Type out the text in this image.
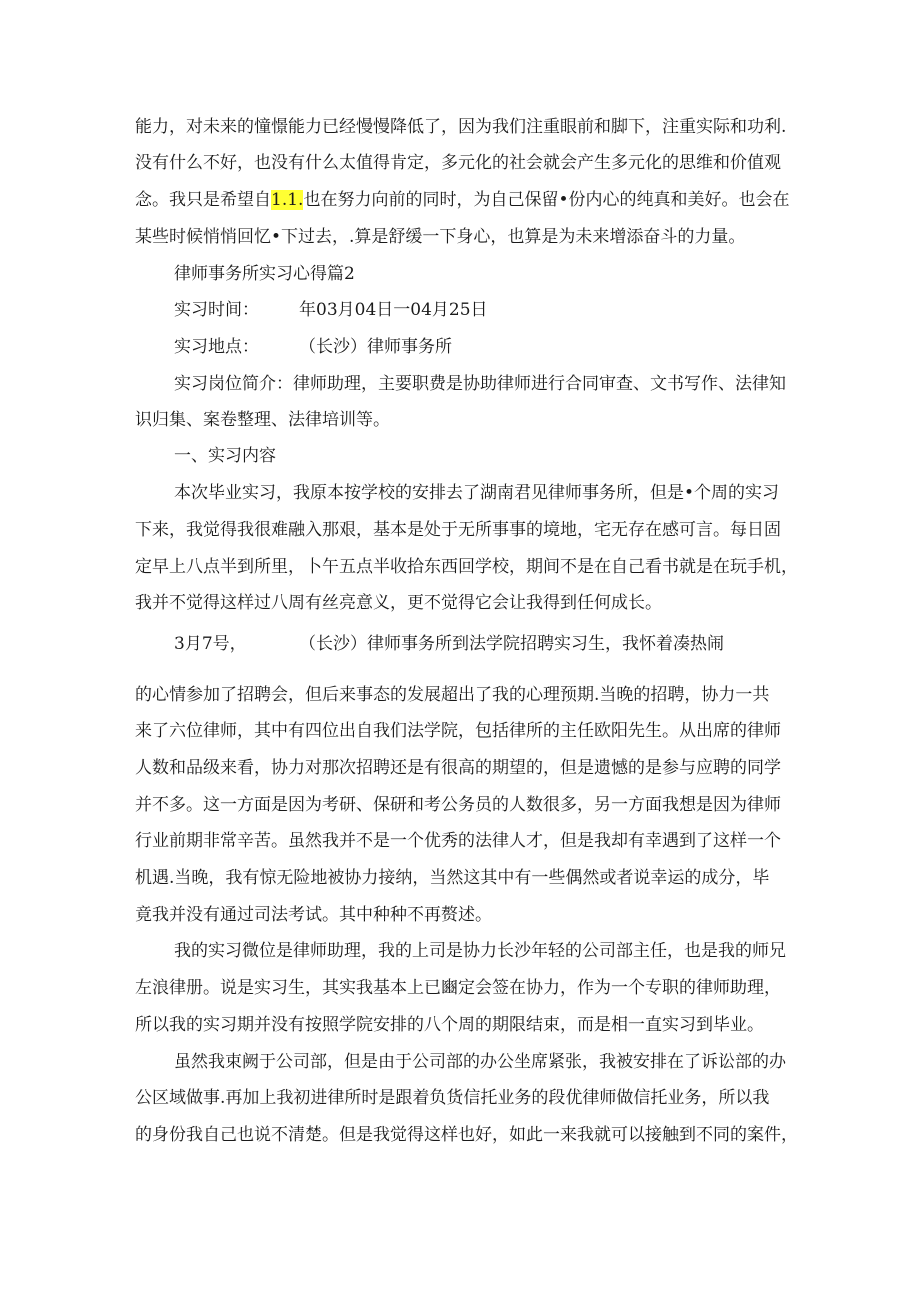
能力，对未来的憧憬能力已经慢慢降低了，因为我们注重眼前和脚下，注重实际和功利.

没有什么不好，也没有什么太值得肯定，多元化的社会就会产生多元化的思维和价值观

念。我只是希望自1.1.也在努力向前的同时，为自己保留•份内心的纯真和美好。也会在

某些时候悄悄回忆•下过去，.算是舒缓一下身心，也算是为未来增添奋斗的力量。

律师事务所实习心得篇2

实习时间： 年03月04日一04月25日

实习地点： （长沙）律师事务所

实习岗位简介：律师助理，主要职费是协助律师进行合同审查、文书写作、法律知

识归集、案卷整理、法律培训等。

一、实习内容

本次毕业实习，我原本按学校的安排去了湖南君见律师事务所，但是•个周的实习

下来，我觉得我很难融入那艰，基本是处于无所事事的境地，宅无存在感可言。每日固

定早上八点半到所里，卜午五点半收拾东西回学校，期间不是在自己看书就是在玩手机，

我并不觉得这样过八周有丝亮意义，更不觉得它会让我得到任何成长。

3月7号，	（长沙）律师事务所到法学院招聘实习生，我怀着凑热闹

的心情参加了招聘会，但后来事态的发展超出了我的心理预期.当晚的招聘，协力一共

来了六位律师，其中有四位出自我们法学院，包括律所的主任欧阳先生。从出席的律师

人数和品级来看，协力对那次招聘还是有很高的期望的，但是遗憾的是参与应聘的同学

并不多。这一方面是因为考研、保研和考公务员的人数很多，另一方面我想是因为律师

行业前期非常辛苦。虽然我并不是一个优秀的法律人才，但是我却有幸遇到了这样一个

机遇.当晚，我有惊无险地被协力接纳，当然这其中有一些偶然或者说幸运的成分，毕

竟我并没有通过司法考试。其中种种不再赘述。

我的实习微位是律师助理，我的上司是协力长沙年轻的公司部主任，也是我的师兄

左浪律册。说是实习生，其实我基本上已豳定会签在协力，作为一个专职的律师助理，

所以我的实习期并没有按照学院安排的八个周的期限结束，而是相一直实习到毕业。

虽然我束阙于公司部，但是由于公司部的办公坐席紧张，我被安排在了诉讼部的办

公区域做事.再加上我初进律所时是跟着负货信托业务的段优律师做信托业务，所以我

的身份我自己也说不清楚。但是我觉得这样也好，如此一来我就可以接触到不同的案件，
